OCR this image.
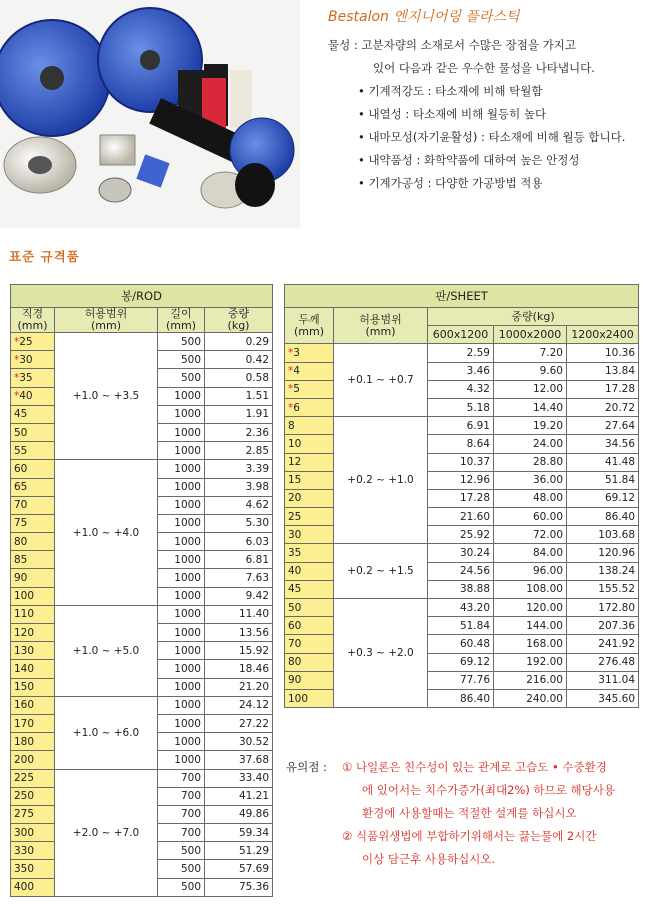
Bestalon 엔지니어링 플라스틱
물성 : 고분자량의 소재로서 수많은 장점을 가지고
있어 다음과 같은 우수한 물성을 나타냅니다.
• 기계적강도 : 타소재에 비해 탁월함
• 내열성 : 타소재에 비해 월등히 높다
• 내마모성(자기윤활성) : 타소재에 비해 월등 합니다.
• 내약품성 : 화학약품에 대하여 높은 안정성
• 기계가공성 : 다양한 가공방법 적용
표준 규격품
봉/ROD			
직경
(mm)	허용범위
(mm)	길이
(mm)	중량
(kg)
*25	+1.0 ~ +3.5	500	0.29
*30		500	0.42
*35		500	0.58
*40		1000	1.51
45		1000	1.91
50		1000	2.36
55		1000	2.85
60	+1.0 ~ +4.0	1000	3.39
65		1000	3.98
70		1000	4.62
75		1000	5.30
80		1000	6.03
85		1000	6.81
90		1000	7.63
100		1000	9.42
110	+1.0 ~ +5.0	1000	11.40
120		1000	13.56
130		1000	15.92
140		1000	18.46
150		1000	21.20
160	+1.0 ~ +6.0	1000	24.12
170		1000	27.22
180		1000	30.52
200		1000	37.68
225	+2.0 ~ +7.0	700	33.40
250		700	41.21
275		700	49.86
300		700	59.34
330		500	51.29
350		500	57.69
400		500	75.36
판/SHEET				
두께
(mm)	허용범위
(mm)	중량(kg)		
		600x1200	1000x2000	1200x2400
*3	+0.1 ~ +0.7	2.59	7.20	10.36
*4		3.46	9.60	13.84
*5		4.32	12.00	17.28
*6		5.18	14.40	20.72
8	+0.2 ~ +1.0	6.91	19.20	27.64
10		8.64	24.00	34.56
12		10.37	28.80	41.48
15		12.96	36.00	51.84
20		17.28	48.00	69.12
25		21.60	60.00	86.40
30		25.92	72.00	103.68
35	+0.2 ~ +1.5	30.24	84.00	120.96
40		24.56	96.00	138.24
45		38.88	108.00	155.52
50	+0.3 ~ +2.0	43.20	120.00	172.80
60		51.84	144.00	207.36
70		60.48	168.00	241.92
80		69.12	192.00	276.48
90		77.76	216.00	311.04
100		86.40	240.00	345.60
유의점 : ① 나일론은 친수성이 있는 관계로 고습도 • 수중환경
에 있어서는 치수가증가(최대2%) 하므로 해당사용
환경에 사용할때는 적절한 설계를 하십시오
② 식품위생법에 부합하기위해서는 끓는물에 2시간
이상 담근후 사용하십시오.
